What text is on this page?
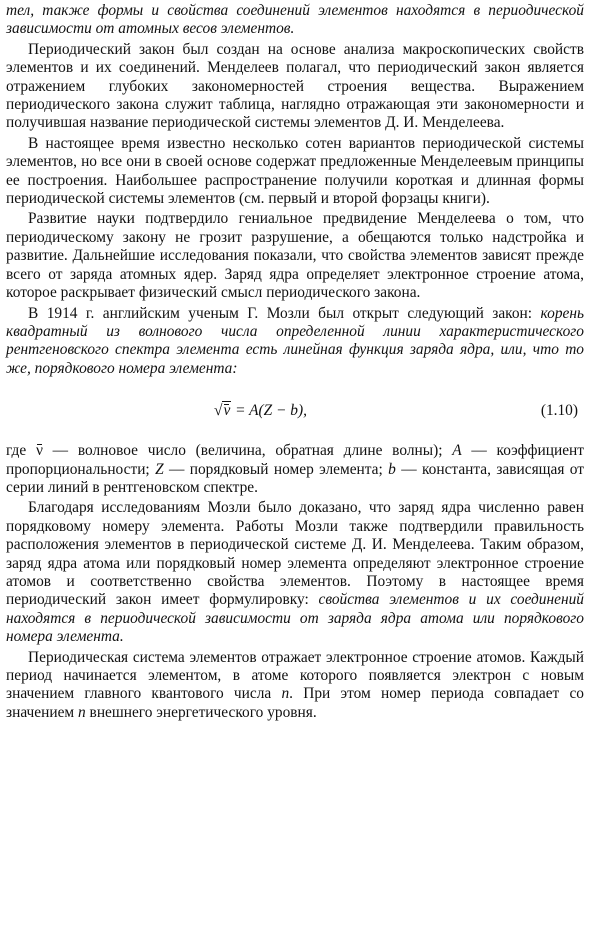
тел, также формы и свойства соединений элементов находятся в периодической зависимости от атомных весов элементов.

Периодический закон был создан на основе анализа макроскопических свойств элементов и их соединений. Менделеев полагал, что периодический закон является отражением глубоких закономерностей строения вещества. Выражением периодического закона служит таблица, наглядно отражающая эти закономерности и получившая название периодической системы элементов Д. И. Менделеева.

В настоящее время известно несколько сотен вариантов периодической системы элементов, но все они в своей основе содержат предложенные Менделеевым принципы ее построения. Наибольшее распространение получили короткая и длинная формы периодической системы элементов (см. первый и второй форзацы книги).

Развитие науки подтвердило гениальное предвидение Менделеева о том, что периодическому закону не грозит разрушение, а обещаются только надстройка и развитие. Дальнейшие исследования показали, что свойства элементов зависят прежде всего от заряда атомных ядер. Заряд ядра определяет электронное строение атома, которое раскрывает физический смысл периодического закона.

В 1914 г. английским ученым Г. Мозли был открыт следующий закон: корень квадратный из волнового числа определенной линии характеристического рентгеновского спектра элемента есть линейная функция заряда ядра, или, что то же, порядкового номера элемента:

√ν
= A(Z − b),	(1.10)

где ν
— волновое число (величина, обратная длине волны); A — коэффициент пропорциональности; Z — порядковый номер элемента; b — константа, зависящая от серии линий в рентгеновском спектре.

Благодаря исследованиям Мозли было доказано, что заряд ядра численно равен порядковому номеру элемента. Работы Мозли также подтвердили правильность расположения элементов в периодической системе Д. И. Менделеева. Таким образом, заряд ядра атома или порядковый номер элемента определяют электронное строение атомов и соответственно свойства элементов. Поэтому в настоящее время периодический закон имеет формулировку: свойства элементов и их соединений находятся в периодической зависимости от заряда ядра атома или порядкового номера элемента.

Периодическая система элементов отражает электронное строение атомов. Каждый период начинается элементом, в атоме которого появляется электрон с новым значением главного квантового числа n. При этом номер периода совпадает со значением n внешнего энергетического уровня.
